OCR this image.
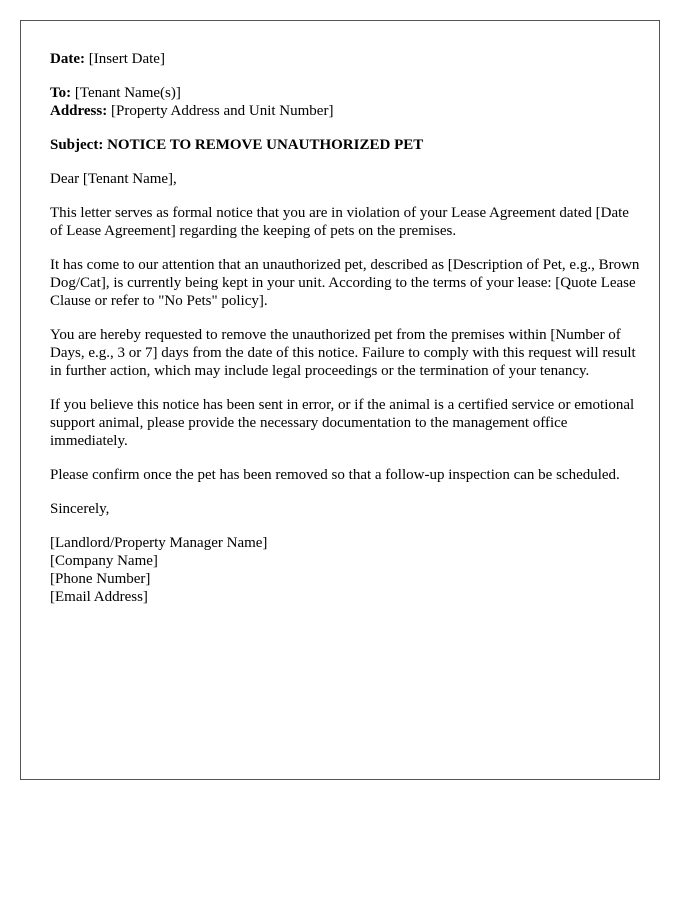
Date: [Insert Date]
To: [Tenant Name(s)]
Address: [Property Address and Unit Number]
Subject: NOTICE TO REMOVE UNAUTHORIZED PET

Dear [Tenant Name],

This letter serves as formal notice that you are in violation of your Lease Agreement dated [Date of Lease Agreement] regarding the keeping of pets on the premises.

It has come to our attention that an unauthorized pet, described as [Description of Pet, e.g., Brown Dog/Cat], is currently being kept in your unit. According to the terms of your lease: [Quote Lease Clause or refer to "No Pets" policy].

You are hereby requested to remove the unauthorized pet from the premises within [Number of Days, e.g., 3 or 7] days from the date of this notice. Failure to comply with this request will result in further action, which may include legal proceedings or the termination of your tenancy.

If you believe this notice has been sent in error, or if the animal is a certified service or emotional support animal, please provide the necessary documentation to the management office immediately.

Please confirm once the pet has been removed so that a follow-up inspection can be scheduled.

Sincerely,

[Landlord/Property Manager Name]
[Company Name]
[Phone Number]
[Email Address]
